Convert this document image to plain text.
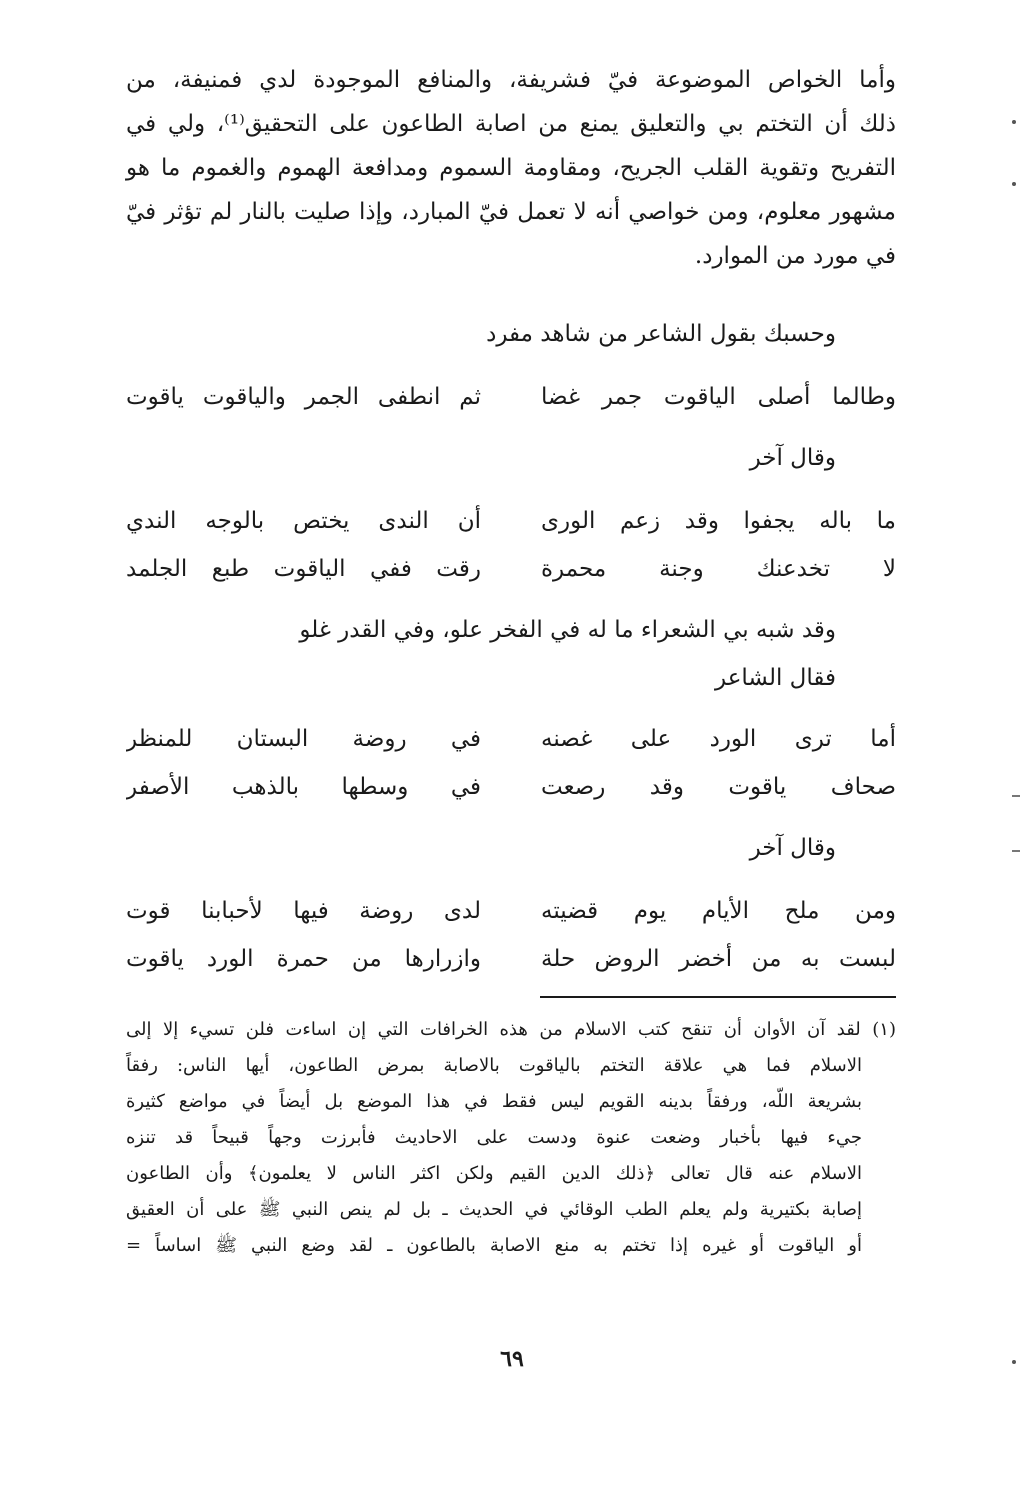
وأما الخواص الموضوعة فيّ فشريفة، والمنافع الموجودة لدي فمنيفة، من
ذلك أن التختم بي والتعليق يمنع من اصابة الطاعون على التحقيق⁽¹⁾، ولي في
التفريح وتقوية القلب الجريح، ومقاومة السموم ومدافعة الهموم والغموم ما هو
مشهور معلوم، ومن خواصي أنه لا تعمل فيّ المبارد، وإذا صليت بالنار لم تؤثر فيّ
في مورد من الموارد.
وحسبك بقول الشاعر من شاهد مفرد
وطالما أصلى الياقوت جمر غضا
ثم انطفى الجمر والياقوت ياقوت
وقال آخر
ما باله يجفوا وقد زعم الورى
أن الندى يختص بالوجه الندي
لا تخدعنك وجنة محمرة
رقت ففي الياقوت طبع الجلمد
وقد شبه بي الشعراء ما له في الفخر علو، وفي القدر غلو
فقال الشاعر
أما ترى الورد على غصنه
في روضة البستان للمنظر
صحاف ياقوت وقد رصعت
في وسطها بالذهب الأصفر
وقال آخر
ومن ملح الأيام يوم قضيته
لدى روضة فيها لأحبابنا قوت
لبست به من أخضر الروض حلة
وازرارها من حمرة الورد ياقوت
(١) لقد آن الأوان أن تنقح كتب الاسلام من هذه الخرافات التي إن اساءت فلن تسيء إلا إلى
الاسلام فما هي علاقة التختم بالياقوت بالاصابة بمرض الطاعون، أيها الناس: رفقاً
بشريعة اللّه، ورفقاً بدينه القويم ليس فقط في هذا الموضع بل أيضاً في مواضع كثيرة
جيء فيها بأخبار وضعت عنوة ودست على الاحاديث فأبرزت وجهاً قبيحاً قد تنزه
الاسلام عنه قال تعالى ﴿ذلك الدين القيم ولكن اكثر الناس لا يعلمون﴾ وأن الطاعون
إصابة بكتيرية ولم يعلم الطب الوقائي في الحديث ـ بل لم ينص النبي ﷺ على أن العقيق
أو الياقوت أو غيره إذا تختم به منع الاصابة بالطاعون ـ لقد وضع النبي ﷺ اساساً =
٦٩
